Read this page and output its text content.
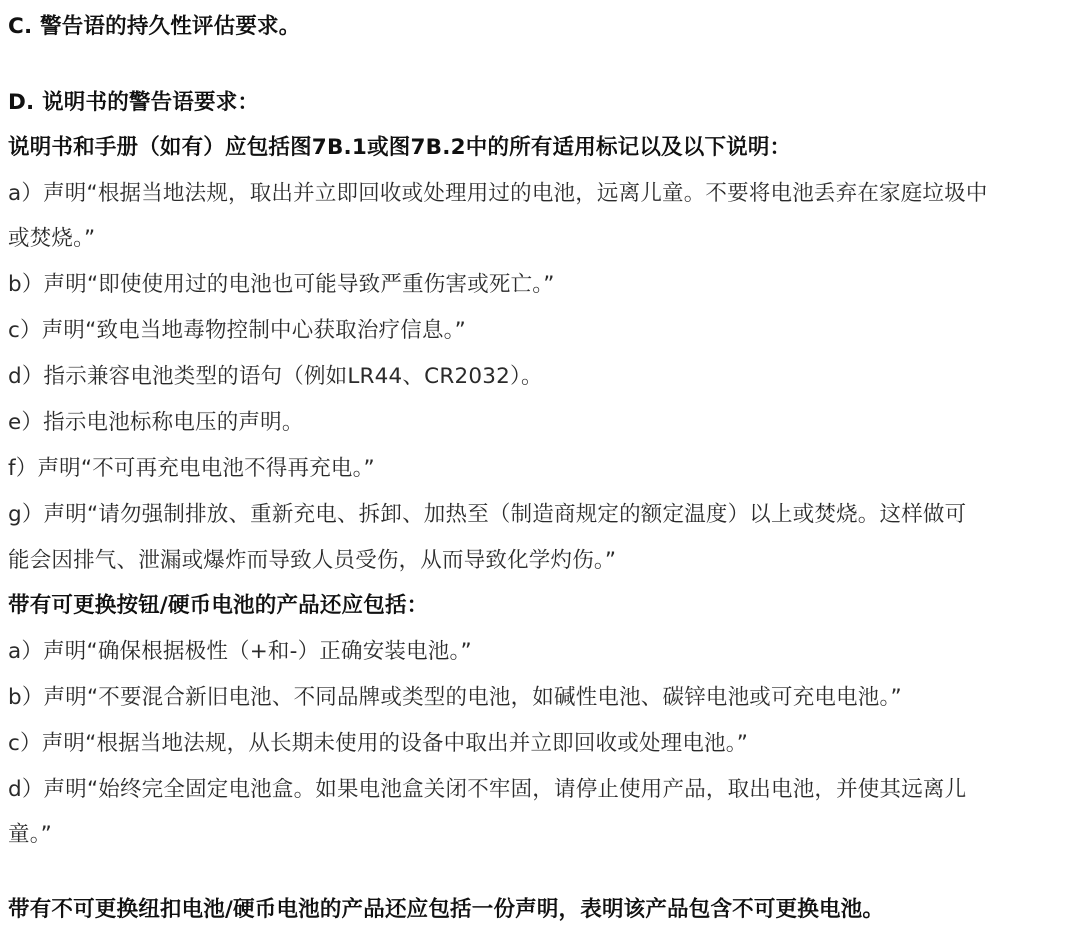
C. 警告语的持久性评估要求。
D. 说明书的警告语要求：
说明书和手册（如有）应包括图7B.1或图7B.2中的所有适用标记以及以下说明：
a）声明“根据当地法规，取出并立即回收或处理用过的电池，远离儿童。不要将电池丢弃在家庭垃圾中
或焚烧。”
b）声明“即使使用过的电池也可能导致严重伤害或死亡。”
c）声明“致电当地毒物控制中心获取治疗信息。”
d）指示兼容电池类型的语句（例如LR44、CR2032）。
e）指示电池标称电压的声明。
f）声明“不可再充电电池不得再充电。”
g）声明“请勿强制排放、重新充电、拆卸、加热至（制造商规定的额定温度）以上或焚烧。这样做可
能会因排气、泄漏或爆炸而导致人员受伤，从而导致化学灼伤。”
带有可更换按钮/硬币电池的产品还应包括：
a）声明“确保根据极性（+和-）正确安装电池。”
b）声明“不要混合新旧电池、不同品牌或类型的电池，如碱性电池、碳锌电池或可充电电池。”
c）声明“根据当地法规，从长期未使用的设备中取出并立即回收或处理电池。”
d）声明“始终完全固定电池盒。如果电池盒关闭不牢固，请停止使用产品，取出电池，并使其远离儿
童。”
带有不可更换纽扣电池/硬币电池的产品还应包括一份声明，表明该产品包含不可更换电池。
